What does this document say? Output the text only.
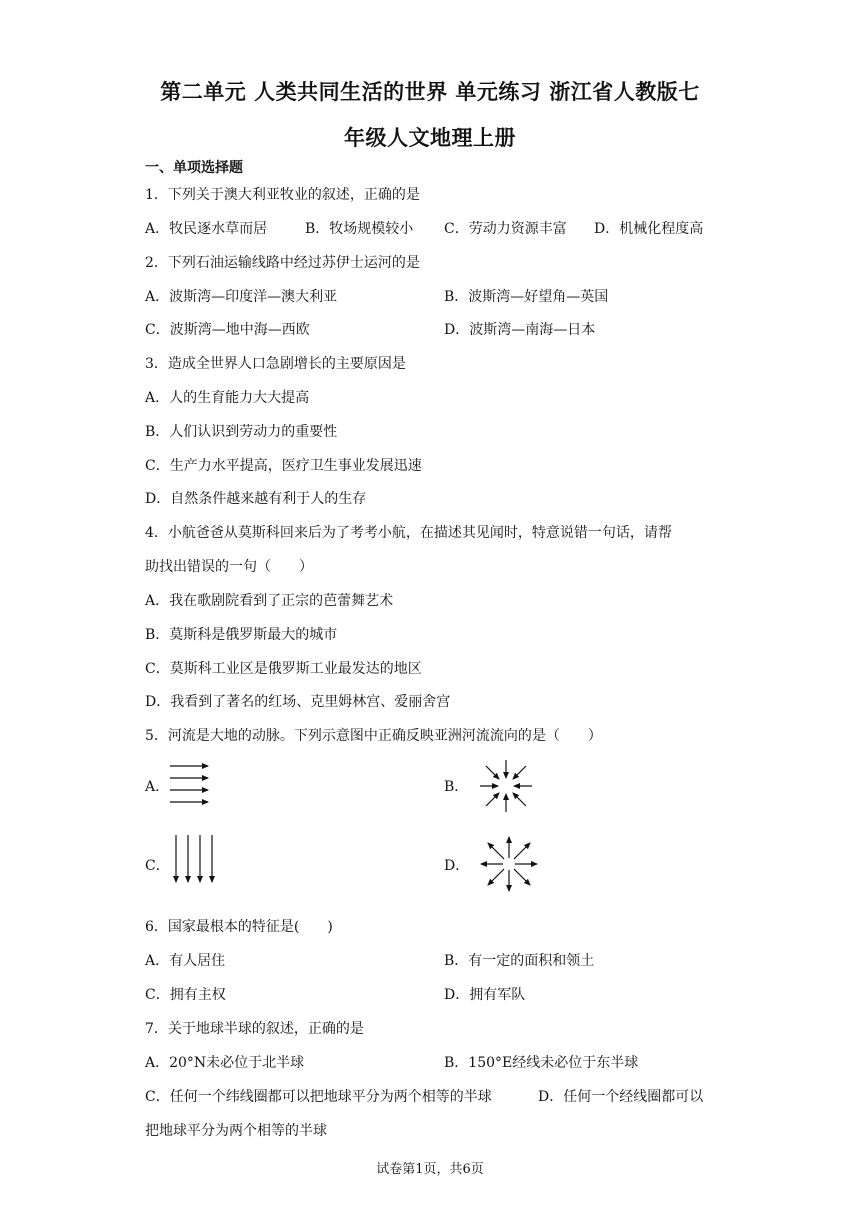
第二单元 人类共同生活的世界 单元练习 浙江省人教版七
年级人文地理上册
一、单项选择题
1．下列关于澳大利亚牧业的叙述，正确的是
A．牧民逐水草而居	B．牧场规模较小 C．劳动力资源丰富 D．机械化程度高
2．下列石油运输线路中经过苏伊士运河的是
A．波斯湾—印度洋—澳大利亚	B．波斯湾—好望角—英国
C．波斯湾—地中海—西欧	D．波斯湾—南海—日本
3．造成全世界人口急剧增长的主要原因是
A．人的生育能力大大提高
B．人们认识到劳动力的重要性
C．生产力水平提高，医疗卫生事业发展迅速
D．自然条件越来越有利于人的生存
4．小航爸爸从莫斯科回来后为了考考小航，在描述其见闻时，特意说错一句话，请帮
助找出错误的一句（　　）
A．我在歌剧院看到了正宗的芭蕾舞艺术
B．莫斯科是俄罗斯最大的城市
C．莫斯科工业区是俄罗斯工业最发达的地区
D．我看到了著名的红场、克里姆林宫、爱丽舍宫
5．河流是大地的动脉。下列示意图中正确反映亚洲河流流向的是（　　）
A．	B．
C．	D．
6．国家最根本的特征是(　　)
A．有人居住	B．有一定的面积和领土
C．拥有主权	D．拥有军队
7．关于地球半球的叙述，正确的是
A．20°N未必位于北半球	B．150°E经线未必位于东半球
C．任何一个纬线圈都可以把地球平分为两个相等的半球	D．任何一个经线圈都可以
把地球平分为两个相等的半球
试卷第1页，共6页
